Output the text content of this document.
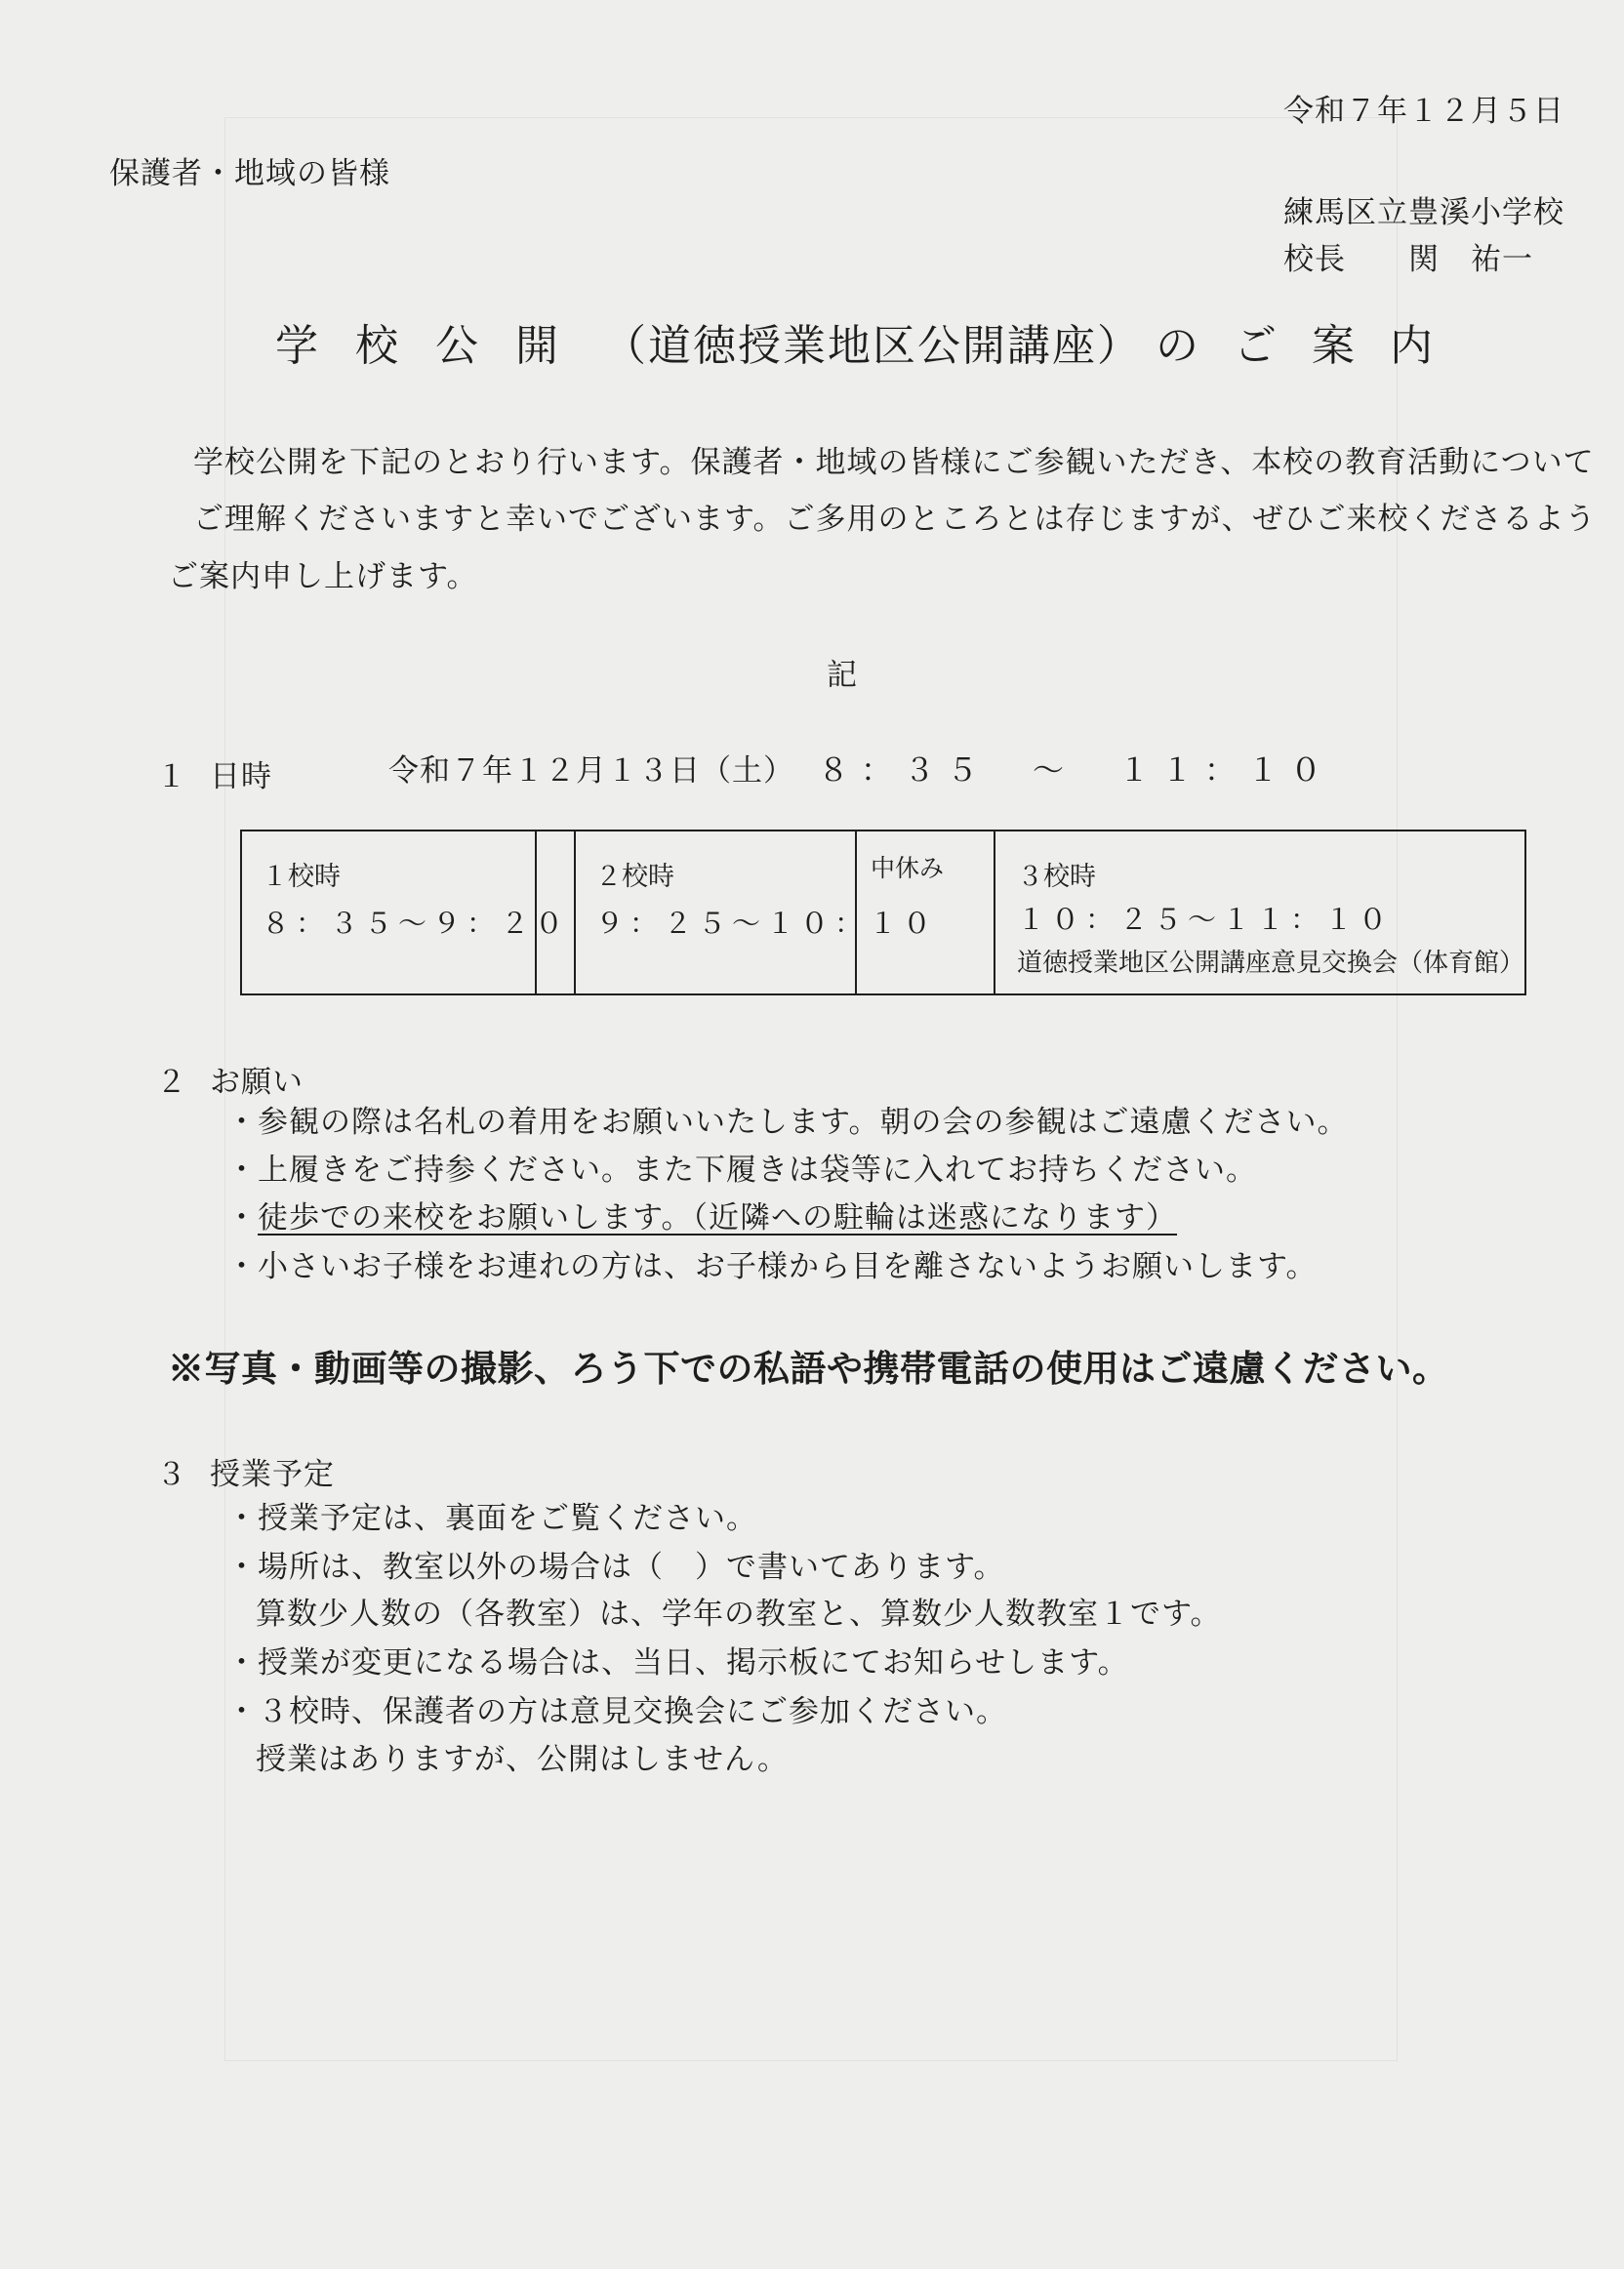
令和７年１２月５日
保護者・地域の皆様
練馬区立豊溪小学校
校長 関　祐一
学校公開 （道徳授業地区公開講座） のご案内
学校公開を下記のとおり行います。保護者・地域の皆様にご参観いただき、本校の教育活動について
ご理解くださいますと幸いでございます。ご多用のところとは存じますが、ぜひご来校くださるよう
ご案内申し上げます。
記
１ 日時	令和７年１２月１３日（土） ８：３５　～　１１：１０
１校時
８：３５～９：２０
２校時
９：２５～１０：１０
中休み	３校時
１０：２５～１１：１０
道徳授業地区公開講座意見交換会（体育館）
２ お願い
・参観の際は名札の着用をお願いいたします。朝の会の参観はご遠慮ください。
・上履きをご持参ください。また下履きは袋等に入れてお持ちください。
・徒歩での来校をお願いします。（近隣への駐輪は迷惑になります）
・小さいお子様をお連れの方は、お子様から目を離さないようお願いします。
※写真・動画等の撮影、ろう下での私語や携帯電話の使用はご遠慮ください。
３ 授業予定
・授業予定は、裏面をご覧ください。
・場所は、教室以外の場合は（　）で書いてあります。
算数少人数の（各教室）は、学年の教室と、算数少人数教室１です。
・授業が変更になる場合は、当日、掲示板にてお知らせします。
・３校時、保護者の方は意見交換会にご参加ください。
授業はありますが、公開はしません。
